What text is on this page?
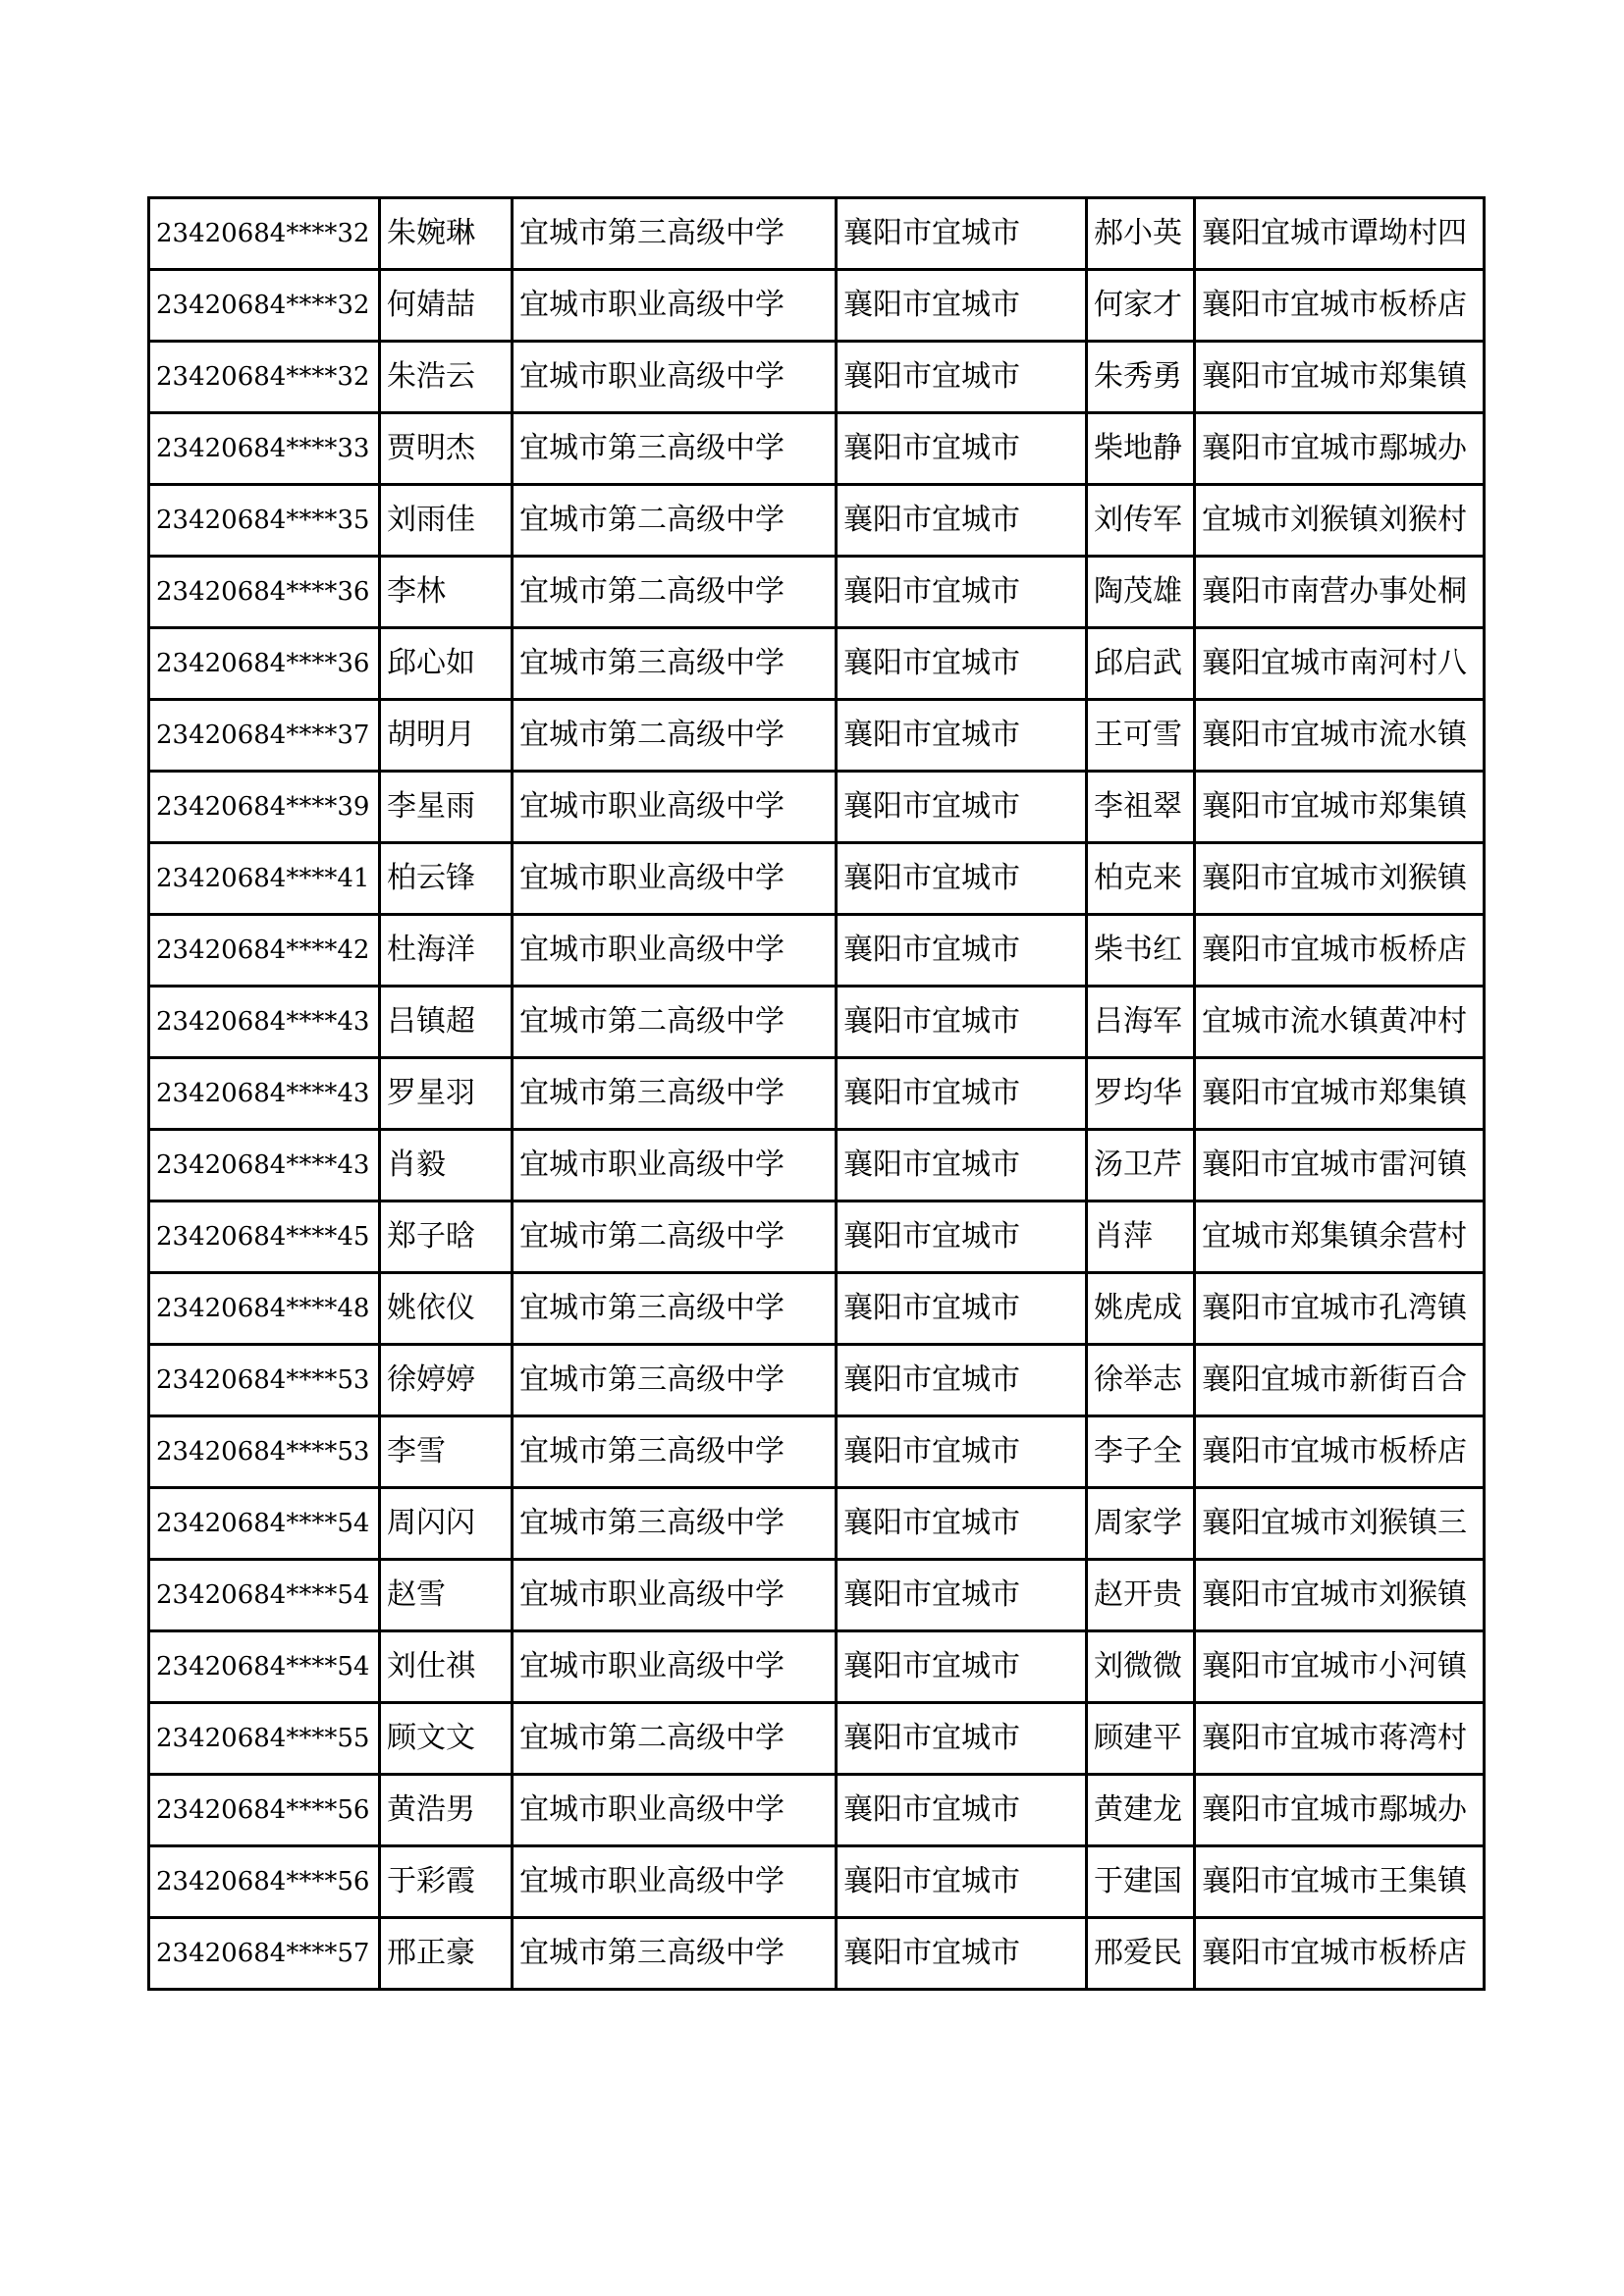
23420684****32	朱婉琳	宜城市第三高级中学	襄阳市宜城市	郝小英	襄阳宜城市谭坳村四
23420684****32	何婧喆	宜城市职业高级中学	襄阳市宜城市	何家才	襄阳市宜城市板桥店
23420684****32	朱浩云	宜城市职业高级中学	襄阳市宜城市	朱秀勇	襄阳市宜城市郑集镇
23420684****33	贾明杰	宜城市第三高级中学	襄阳市宜城市	柴地静	襄阳市宜城市鄢城办
23420684****35	刘雨佳	宜城市第二高级中学	襄阳市宜城市	刘传军	宜城市刘猴镇刘猴村
23420684****36	李林	宜城市第二高级中学	襄阳市宜城市	陶茂雄	襄阳市南营办事处桐
23420684****36	邱心如	宜城市第三高级中学	襄阳市宜城市	邱启武	襄阳宜城市南河村八
23420684****37	胡明月	宜城市第二高级中学	襄阳市宜城市	王可雪	襄阳市宜城市流水镇
23420684****39	李星雨	宜城市职业高级中学	襄阳市宜城市	李祖翠	襄阳市宜城市郑集镇
23420684****41	柏云锋	宜城市职业高级中学	襄阳市宜城市	柏克来	襄阳市宜城市刘猴镇
23420684****42	杜海洋	宜城市职业高级中学	襄阳市宜城市	柴书红	襄阳市宜城市板桥店
23420684****43	吕镇超	宜城市第二高级中学	襄阳市宜城市	吕海军	宜城市流水镇黄冲村
23420684****43	罗星羽	宜城市第三高级中学	襄阳市宜城市	罗均华	襄阳市宜城市郑集镇
23420684****43	肖毅	宜城市职业高级中学	襄阳市宜城市	汤卫芹	襄阳市宜城市雷河镇
23420684****45	郑子晗	宜城市第二高级中学	襄阳市宜城市	肖萍	宜城市郑集镇余营村
23420684****48	姚依仪	宜城市第三高级中学	襄阳市宜城市	姚虎成	襄阳市宜城市孔湾镇
23420684****53	徐婷婷	宜城市第三高级中学	襄阳市宜城市	徐举志	襄阳宜城市新街百合
23420684****53	李雪	宜城市第三高级中学	襄阳市宜城市	李子全	襄阳市宜城市板桥店
23420684****54	周闪闪	宜城市第三高级中学	襄阳市宜城市	周家学	襄阳宜城市刘猴镇三
23420684****54	赵雪	宜城市职业高级中学	襄阳市宜城市	赵开贵	襄阳市宜城市刘猴镇
23420684****54	刘仕祺	宜城市职业高级中学	襄阳市宜城市	刘微微	襄阳市宜城市小河镇
23420684****55	顾文文	宜城市第二高级中学	襄阳市宜城市	顾建平	襄阳市宜城市蒋湾村
23420684****56	黄浩男	宜城市职业高级中学	襄阳市宜城市	黄建龙	襄阳市宜城市鄢城办
23420684****56	于彩霞	宜城市职业高级中学	襄阳市宜城市	于建国	襄阳市宜城市王集镇
23420684****57	邢正豪	宜城市第三高级中学	襄阳市宜城市	邢爱民	襄阳市宜城市板桥店
